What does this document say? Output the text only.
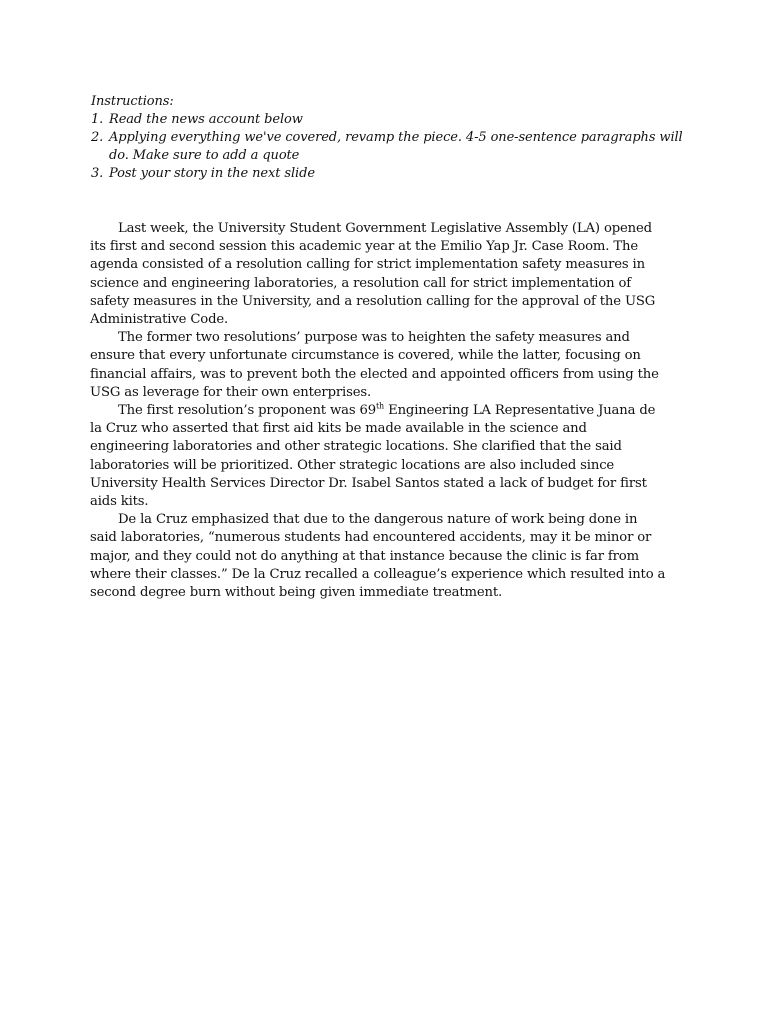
Instructions:
1. Read the news account below
2. Applying everything we've covered, revamp the piece. 4-5 one-sentence paragraphs will do. Make sure to add a quote
3. Post your story in the next slide

Last week, the University Student Government Legislative Assembly (LA) opened its first and second session this academic year at the Emilio Yap Jr. Case Room. The agenda consisted of a resolution calling for strict implementation safety measures in science and engineering laboratories, a resolution call for strict implementation of safety measures in the University, and a resolution calling for the approval of the USG Administrative Code.

The former two resolutions’ purpose was to heighten the safety measures and ensure that every unfortunate circumstance is covered, while the latter, focusing on financial affairs, was to prevent both the elected and appointed officers from using the USG as leverage for their own enterprises.

The first resolution’s proponent was 69th Engineering LA Representative Juana de la Cruz who asserted that first aid kits be made available in the science and engineering laboratories and other strategic locations. She clarified that the said laboratories will be prioritized. Other strategic locations are also included since University Health Services Director Dr. Isabel Santos stated a lack of budget for first aids kits.

De la Cruz emphasized that due to the dangerous nature of work being done in said laboratories, “numerous students had encountered accidents, may it be minor or major, and they could not do anything at that instance because the clinic is far from where their classes.” De la Cruz recalled a colleague’s experience which resulted into a second degree burn without being given immediate treatment.
